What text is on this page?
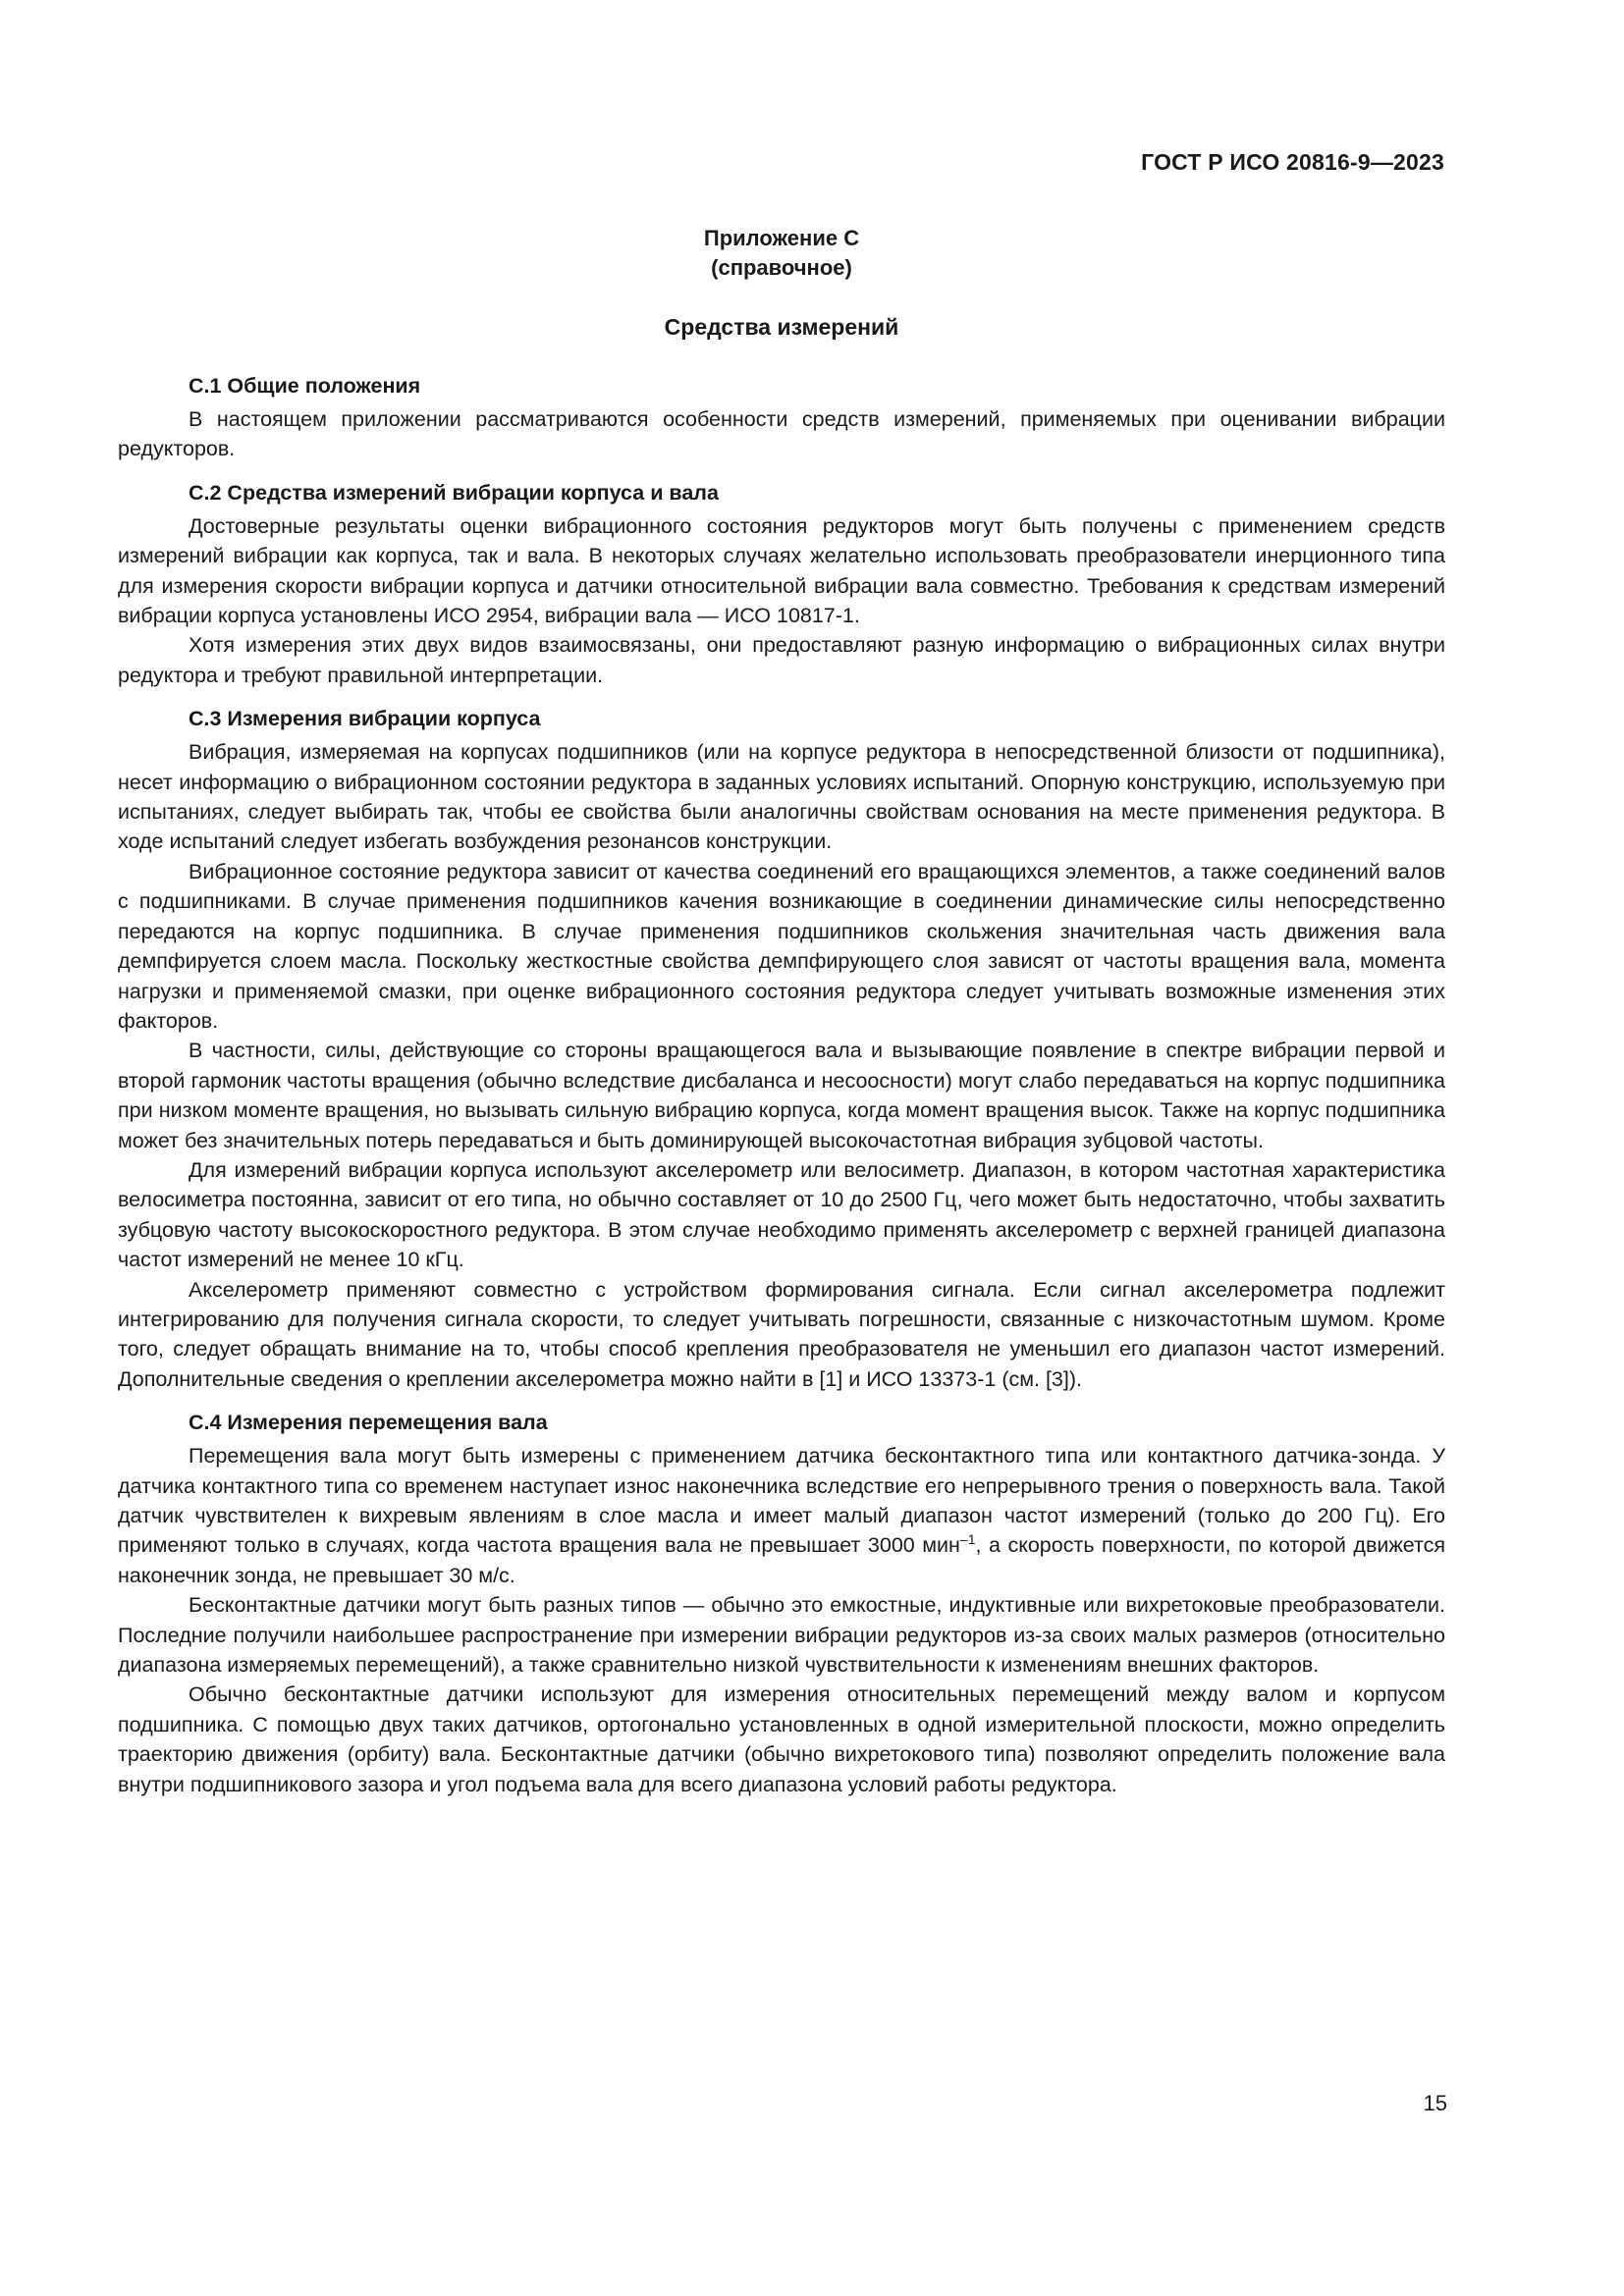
ГОСТ Р ИСО 20816-9—2023

Приложение С

(справочное)

Средства измерений

С.1 Общие положения

В настоящем приложении рассматриваются особенности средств измерений, применяемых при оценивании вибрации редукторов.

С.2 Средства измерений вибрации корпуса и вала

Достоверные результаты оценки вибрационного состояния редукторов могут быть получены с применением средств измерений вибрации как корпуса, так и вала. В некоторых случаях желательно использовать преобразователи инерционного типа для измерения скорости вибрации корпуса и датчики относительной вибрации вала совместно. Требования к средствам измерений вибрации корпуса установлены ИСО 2954, вибрации вала — ИСО 10817-1.

Хотя измерения этих двух видов взаимосвязаны, они предоставляют разную информацию о вибрационных силах внутри редуктора и требуют правильной интерпретации.

С.3 Измерения вибрации корпуса

Вибрация, измеряемая на корпусах подшипников (или на корпусе редуктора в непосредственной близости от подшипника), несет информацию о вибрационном состоянии редуктора в заданных условиях испытаний. Опорную конструкцию, используемую при испытаниях, следует выбирать так, чтобы ее свойства были аналогичны свойствам основания на месте применения редуктора. В ходе испытаний следует избегать возбуждения резонансов конструкции.

Вибрационное состояние редуктора зависит от качества соединений его вращающихся элементов, а также соединений валов с подшипниками. В случае применения подшипников качения возникающие в соединении динамические силы непосредственно передаются на корпус подшипника. В случае применения подшипников скольжения значительная часть движения вала демпфируется слоем масла. Поскольку жесткостные свойства демпфирующего слоя зависят от частоты вращения вала, момента нагрузки и применяемой смазки, при оценке вибрационного состояния редуктора следует учитывать возможные изменения этих факторов.

В частности, силы, действующие со стороны вращающегося вала и вызывающие появление в спектре вибрации первой и второй гармоник частоты вращения (обычно вследствие дисбаланса и несоосности) могут слабо передаваться на корпус подшипника при низком моменте вращения, но вызывать сильную вибрацию корпуса, когда момент вращения высок. Также на корпус подшипника может без значительных потерь передаваться и быть доминирующей высокочастотная вибрация зубцовой частоты.

Для измерений вибрации корпуса используют акселерометр или велосиметр. Диапазон, в котором частотная характеристика велосиметра постоянна, зависит от его типа, но обычно составляет от 10 до 2500 Гц, чего может быть недостаточно, чтобы захватить зубцовую частоту высокоскоростного редуктора. В этом случае необходимо применять акселерометр с верхней границей диапазона частот измерений не менее 10 кГц.

Акселерометр применяют совместно с устройством формирования сигнала. Если сигнал акселерометра подлежит интегрированию для получения сигнала скорости, то следует учитывать погрешности, связанные с низкочастотным шумом. Кроме того, следует обращать внимание на то, чтобы способ крепления преобразователя не уменьшил его диапазон частот измерений. Дополнительные сведения о креплении акселерометра можно найти в [1] и ИСО 13373-1 (см. [3]).

С.4 Измерения перемещения вала

Перемещения вала могут быть измерены с применением датчика бесконтактного типа или контактного датчика-зонда. У датчика контактного типа со временем наступает износ наконечника вследствие его непрерывного трения о поверхность вала. Такой датчик чувствителен к вихревым явлениям в слое масла и имеет малый диапазон частот измерений (только до 200 Гц). Его применяют только в случаях, когда частота вращения вала не превышает 3000 мин$^{-1}$, а скорость поверхности, по которой движется наконечник зонда, не превышает 30 м/с.

Бесконтактные датчики могут быть разных типов — обычно это емкостные, индуктивные или вихретоковые преобразователи. Последние получили наибольшее распространение при измерении вибрации редукторов из-за своих малых размеров (относительно диапазона измеряемых перемещений), а также сравнительно низкой чувствительности к изменениям внешних факторов.

Обычно бесконтактные датчики используют для измерения относительных перемещений между валом и корпусом подшипника. С помощью двух таких датчиков, ортогонально установленных в одной измерительной плоскости, можно определить траекторию движения (орбиту) вала. Бесконтактные датчики (обычно вихретокового типа) позволяют определить положение вала внутри подшипникового зазора и угол подъема вала для всего диапазона условий работы редуктора.

15
